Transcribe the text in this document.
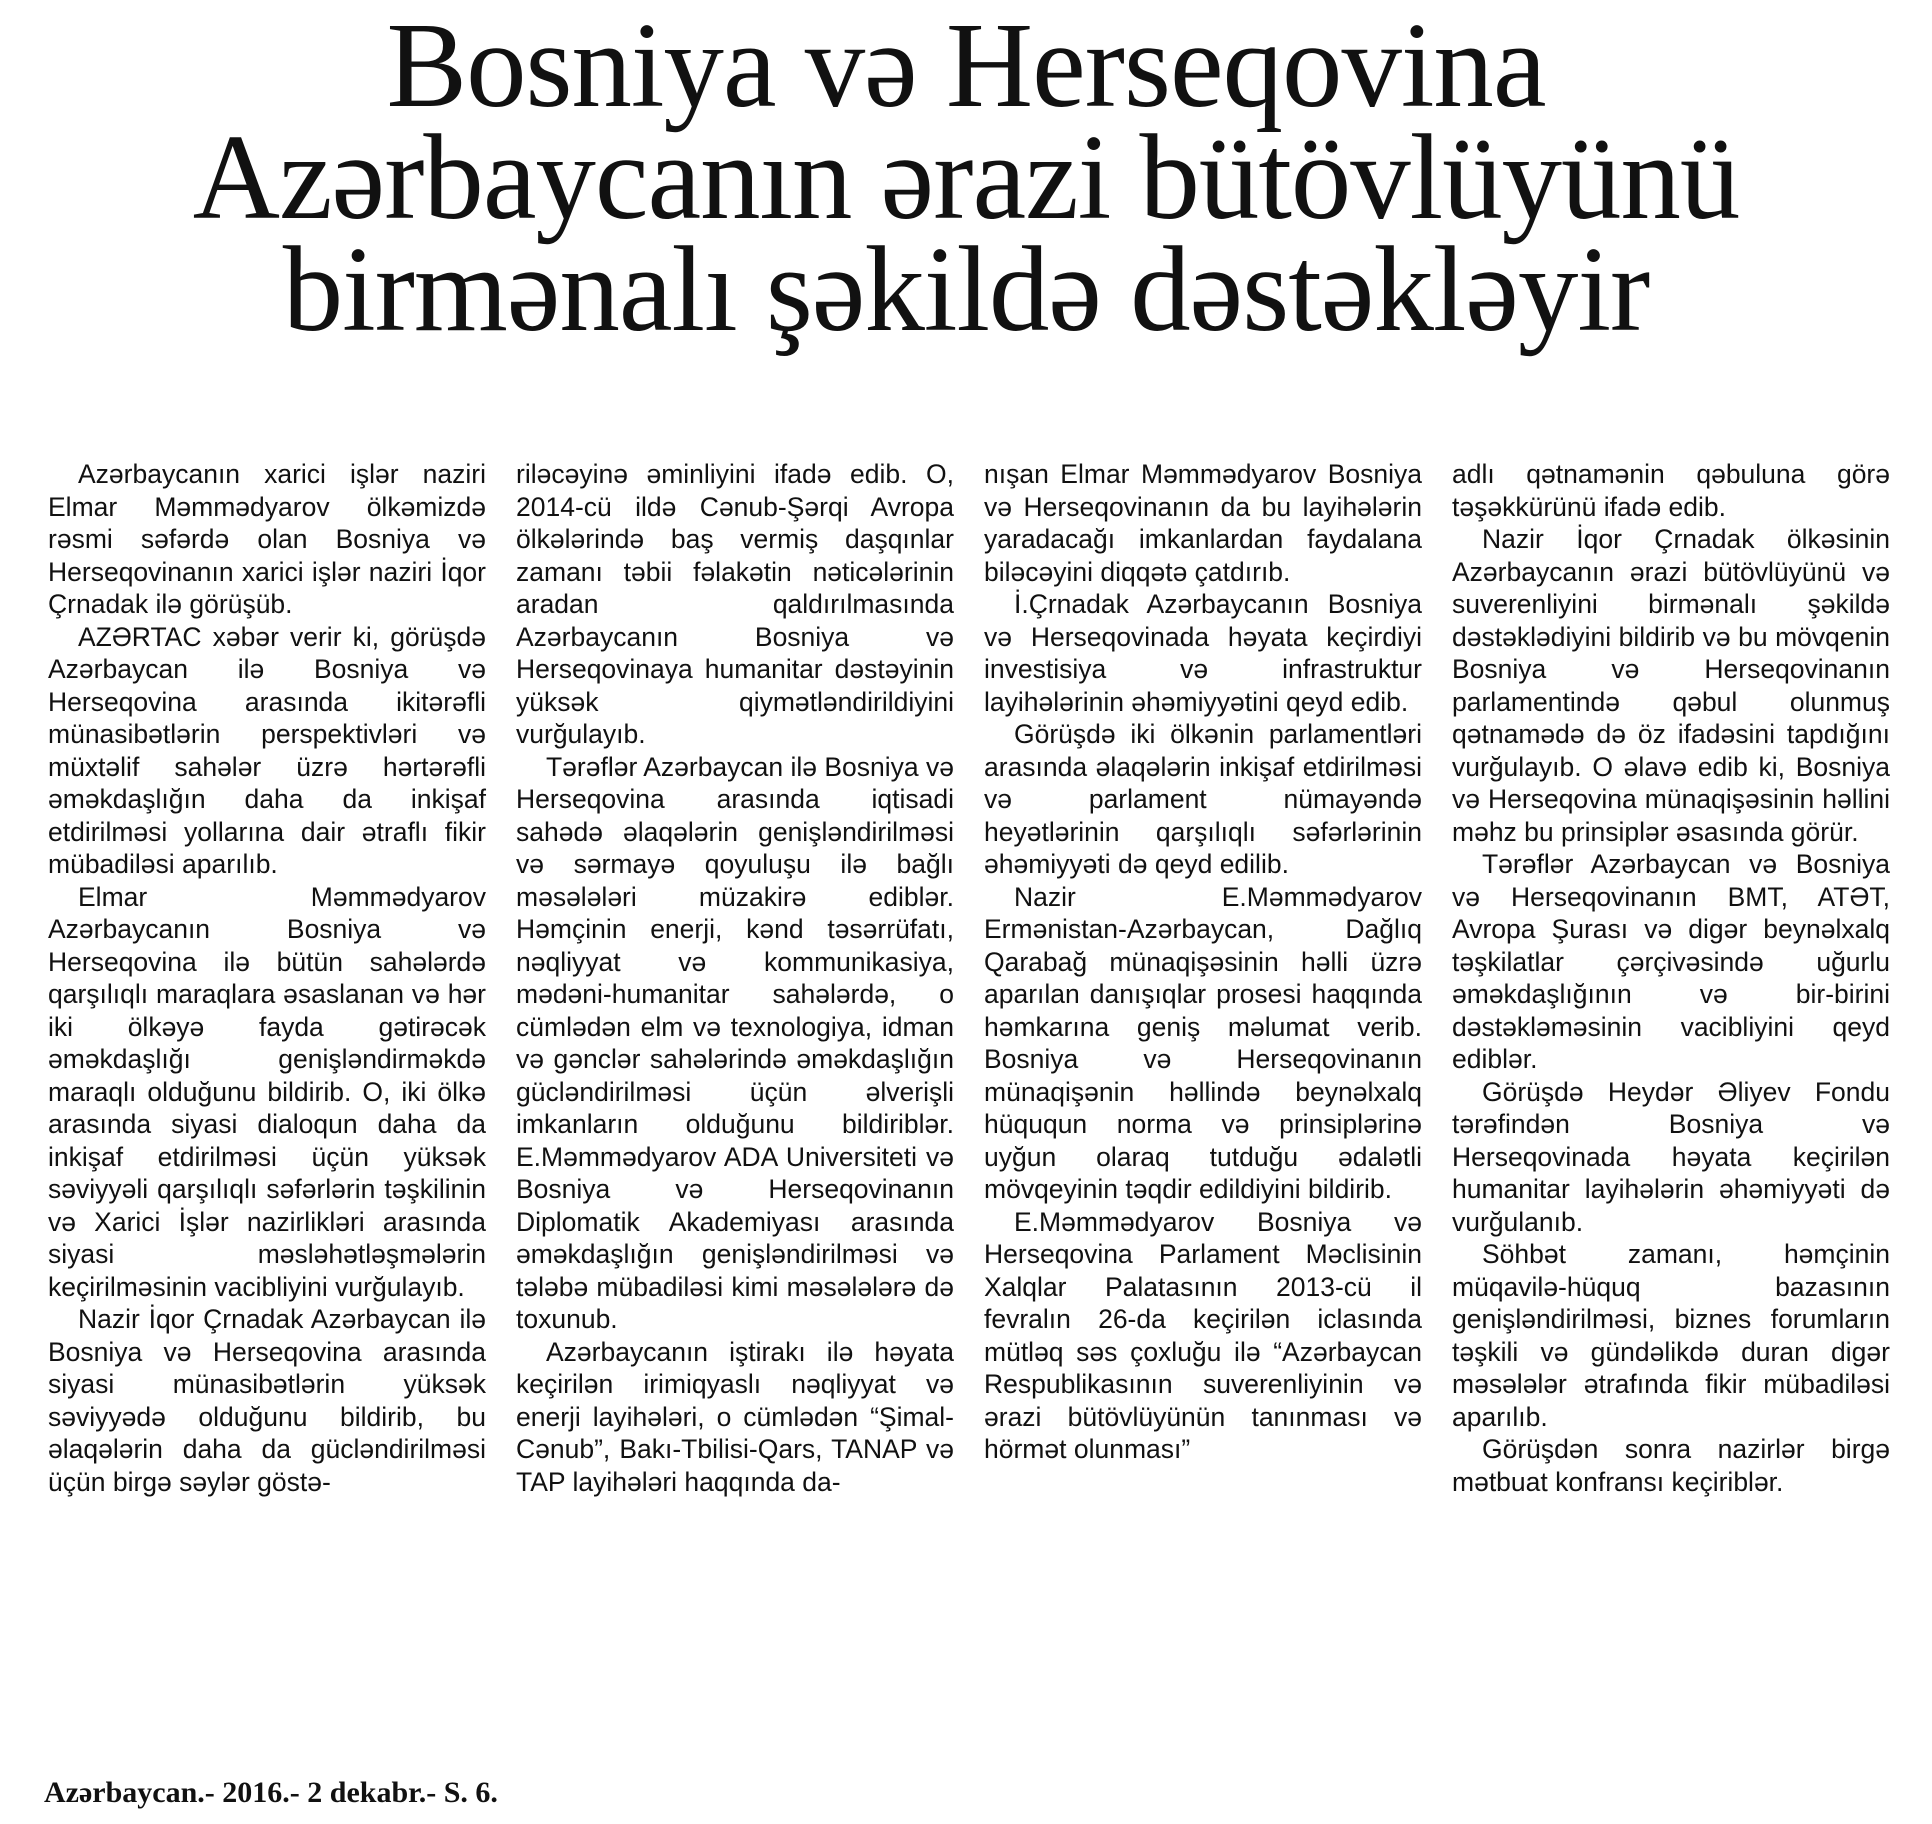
Bosniya və Herseqovina
Azərbaycanın ərazi bütövlüyünü
birmənalı şəkildə dəstəkləyir

Azərbaycanın xarici işlər naziri Elmar Məmmədyarov ölkəmizdə rəsmi səfərdə olan Bosniya və Herseqovinanın xarici işlər naziri İqor Çrnadak ilə görüşüb.

AZƏRTAC xəbər verir ki, görüşdə Azərbaycan ilə Bosniya və Herseqovina arasında ikitərəfli münasibətlərin perspektivləri və müxtəlif sahələr üzrə hərtərəfli əməkdaşlığın daha da inkişaf etdirilməsi yollarına dair ətraflı fikir mübadiləsi aparılıb.

Elmar Məmmədyarov Azərbaycanın Bosniya və Herseqovina ilə bütün sahələrdə qarşılıqlı maraqlara əsaslanan və hər iki ölkəyə fayda gətirəcək əməkdaşlığı genişləndirməkdə maraqlı olduğunu bildirib. O, iki ölkə arasında siyasi dialoqun daha da inkişaf etdirilməsi üçün yüksək səviyyəli qarşılıqlı səfərlərin təşkilinin və Xarici İşlər nazirlikləri arasında siyasi məsləhətləşmələrin keçirilməsinin vacibliyini vurğulayıb.

Nazir İqor Çrnadak Azərbaycan ilə Bosniya və Herseqovina arasında siyasi münasibətlərin yüksək səviyyədə olduğunu bildirib, bu əlaqələrin daha da gücləndirilməsi üçün birgə səylər göstə-

riləcəyinə əminliyini ifadə edib. O, 2014-cü ildə Cənub-Şərqi Avropa ölkələrində baş vermiş daşqınlar zamanı təbii fəlakətin nəticələrinin aradan qaldırılmasında Azərbaycanın Bosniya və Herseqovinaya humanitar dəstəyinin yüksək qiymətləndirildiyini vurğulayıb.

Tərəflər Azərbaycan ilə Bosniya və Herseqovina arasında iqtisadi sahədə əlaqələrin genişləndirilməsi və sərmayə qoyuluşu ilə bağlı məsələləri müzakirə ediblər. Həmçinin enerji, kənd təsərrüfatı, nəqliyyat və kommunikasiya, mədəni-humanitar sahələrdə, o cümlədən elm və texnologiya, idman və gənclər sahələrində əməkdaşlığın gücləndirilməsi üçün əlverişli imkanların olduğunu bildiriblər. E.Məmmədyarov ADA Universiteti və Bosniya və Herseqovinanın Diplomatik Akademiyası arasında əməkdaşlığın genişləndirilməsi və tələbə mübadiləsi kimi məsələlərə də toxunub.

Azərbaycanın iştirakı ilə həyata keçirilən irimiqyaslı nəqliyyat və enerji layihələri, o cümlədən “Şimal-Cənub”, Bakı-Tbilisi-Qars, TANAP və TAP layihələri haqqında da-

nışan Elmar Məmmədyarov Bosniya və Herseqovinanın da bu layihələrin yaradacağı imkanlardan faydalana biləcəyini diqqətə çatdırıb.

İ.Çrnadak Azərbaycanın Bosniya və Herseqovinada həyata keçirdiyi investisiya və infrastruktur layihələrinin əhəmiyyətini qeyd edib.

Görüşdə iki ölkənin parlamentləri arasında əlaqələrin inkişaf etdirilməsi və parlament nümayəndə heyətlərinin qarşılıqlı səfərlərinin əhəmiyyəti də qeyd edilib.

Nazir E.Məmmədyarov Ermənistan-Azərbaycan, Dağlıq Qarabağ münaqişəsinin həlli üzrə aparılan danışıqlar prosesi haqqında həmkarına geniş məlumat verib. Bosniya və Herseqovinanın münaqişənin həllində beynəlxalq hüququn norma və prinsiplərinə uyğun olaraq tutduğu ədalətli mövqeyinin təqdir edildiyini bildirib.

E.Məmmədyarov Bosniya və Herseqovina Parlament Məclisinin Xalqlar Palatasının 2013-cü il fevralın 26-da keçirilən iclasında mütləq səs çoxluğu ilə “Azərbaycan Respublikasının suverenliyinin və ərazi bütövlüyünün tanınması və hörmət olunması”

adlı qətnamənin qəbuluna görə təşəkkürünü ifadə edib.

Nazir İqor Çrnadak ölkəsinin Azərbaycanın ərazi bütövlüyünü və suverenliyini birmənalı şəkildə dəstəklədiyini bildirib və bu mövqenin Bosniya və Herseqovinanın parlamentində qəbul olunmuş qətnamədə də öz ifadəsini tapdığını vurğulayıb. O əlavə edib ki, Bosniya və Herseqovina münaqişəsinin həllini məhz bu prinsiplər əsasında görür.

Tərəflər Azərbaycan və Bosniya və Herseqovinanın BMT, ATƏT, Avropa Şurası və digər beynəlxalq təşkilatlar çərçivəsində uğurlu əməkdaşlığının və bir-birini dəstəkləməsinin vacibliyini qeyd ediblər.

Görüşdə Heydər Əliyev Fondu tərəfindən Bosniya və Herseqovinada həyata keçirilən humanitar layihələrin əhəmiyyəti də vurğulanıb.

Söhbət zamanı, həmçinin müqavilə-hüquq bazasının genişləndirilməsi, biznes forumların təşkili və gündəlikdə duran digər məsələlər ətrafında fikir mübadiləsi aparılıb.

Görüşdən sonra nazirlər birgə mətbuat konfransı keçiriblər.

Azərbaycan.- 2016.- 2 dekabr.- S. 6.
